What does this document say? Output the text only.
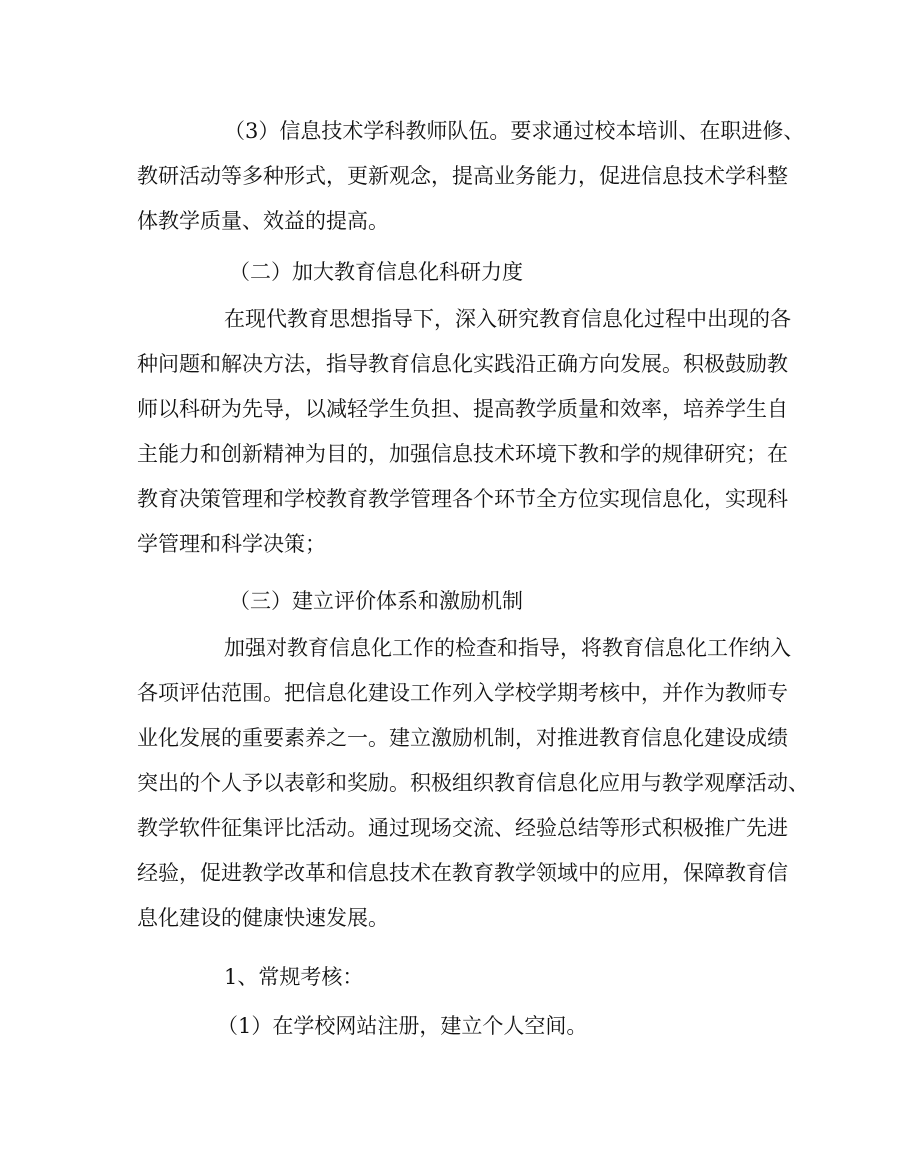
（3）信息技术学科教师队伍。要求通过校本培训、在职进修、
教研活动等多种形式，更新观念，提高业务能力，促进信息技术学科整
体教学质量、效益的提高。
（二）加大教育信息化科研力度
在现代教育思想指导下，深入研究教育信息化过程中出现的各
种问题和解决方法，指导教育信息化实践沿正确方向发展。积极鼓励教
师以科研为先导，以减轻学生负担、提高教学质量和效率，培养学生自
主能力和创新精神为目的，加强信息技术环境下教和学的规律研究；在
教育决策管理和学校教育教学管理各个环节全方位实现信息化，实现科
学管理和科学决策；
（三）建立评价体系和激励机制
加强对教育信息化工作的检查和指导，将教育信息化工作纳入
各项评估范围。把信息化建设工作列入学校学期考核中，并作为教师专
业化发展的重要素养之一。建立激励机制，对推进教育信息化建设成绩
突出的个人予以表彰和奖励。积极组织教育信息化应用与教学观摩活动、
教学软件征集评比活动。通过现场交流、经验总结等形式积极推广先进
经验，促进教学改革和信息技术在教育教学领域中的应用，保障教育信
息化建设的健康快速发展。
1、常规考核：
（1）在学校网站注册，建立个人空间。
